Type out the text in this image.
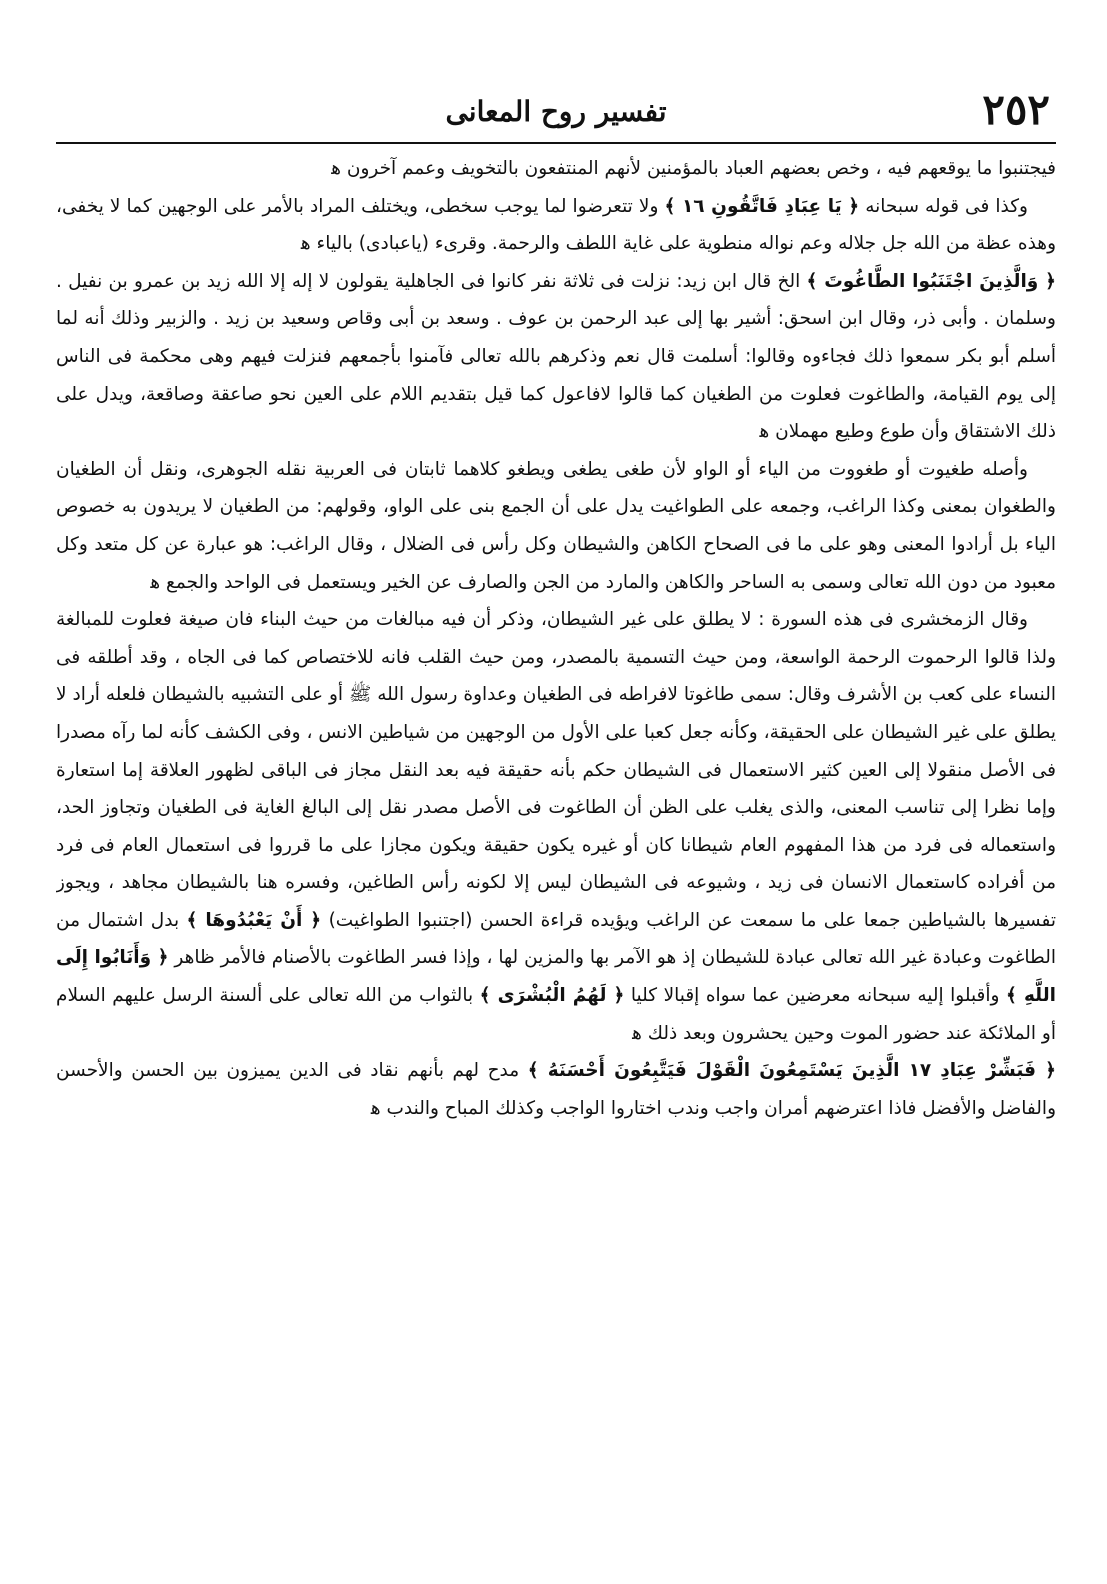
٢٥٢
تفسير روح المعانى

فيجتنبوا ما يوقعهم فيه ، وخص بعضهم العباد بالمؤمنين لأنهم المنتفعون بالتخويف وعمم آخرون ﻫ

وكذا فى قوله سبحانه ﴿ يَا عِبَادِ فَاتَّقُونِ ١٦ ﴾ ولا تتعرضوا لما يوجب سخطى، ويختلف المراد بالأمر على الوجهين كما لا يخفى، وهذه عظة من الله جل جلاله وعم نواله منطوية على غاية اللطف والرحمة. وقرىء (ياعبادى) بالياء ﻫ

﴿ وَالَّذِينَ اجْتَنَبُوا الطَّاغُوتَ ﴾ الخ قال ابن زيد: نزلت فى ثلاثة نفر كانوا فى الجاهلية يقولون لا إله إلا الله زيد بن عمرو بن نفيل . وسلمان . وأبى ذر، وقال ابن اسحق: أشير بها إلى عبد الرحمن بن عوف . وسعد بن أبى وقاص وسعيد بن زيد . والزبير وذلك أنه لما أسلم أبو بكر سمعوا ذلك فجاءوه وقالوا: أسلمت قال نعم وذكرهم بالله تعالى فآمنوا بأجمعهم فنزلت فيهم وهى محكمة فى الناس إلى يوم القيامة، والطاغوت فعلوت من الطغيان كما قالوا لافاعول كما قيل بتقديم اللام على العين نحو صاعقة وصاقعة، ويدل على ذلك الاشتقاق وأن طوع وطيع مهملان ﻫ

وأصله طغيوت أو طغووت من الياء أو الواو لأن طغى يطغى ويطغو كلاهما ثابتان فى العربية نقله الجوهرى، ونقل أن الطغيان والطغوان بمعنى وكذا الراغب، وجمعه على الطواغيت يدل على أن الجمع بنى على الواو، وقولهم: من الطغيان لا يريدون به خصوص الياء بل أرادوا المعنى وهو على ما فى الصحاح الكاهن والشيطان وكل رأس فى الضلال ، وقال الراغب: هو عبارة عن كل متعد وكل معبود من دون الله تعالى وسمى به الساحر والكاهن والمارد من الجن والصارف عن الخير ويستعمل فى الواحد والجمع ﻫ

وقال الزمخشرى فى هذه السورة : لا يطلق على غير الشيطان، وذكر أن فيه مبالغات من حيث البناء فان صيغة فعلوت للمبالغة ولذا قالوا الرحموت الرحمة الواسعة، ومن حيث التسمية بالمصدر، ومن حيث القلب فانه للاختصاص كما فى الجاه ، وقد أطلقه فى النساء على كعب بن الأشرف وقال: سمى طاغوتا لافراطه فى الطغيان وعداوة رسول الله ﷺ أو على التشبيه بالشيطان فلعله أراد لا يطلق على غير الشيطان على الحقيقة، وكأنه جعل كعبا على الأول من الوجهين من شياطين الانس ، وفى الكشف كأنه لما رآه مصدرا فى الأصل منقولا إلى العين كثير الاستعمال فى الشيطان حكم بأنه حقيقة فيه بعد النقل مجاز فى الباقى لظهور العلاقة إما استعارة وإما نظرا إلى تناسب المعنى، والذى يغلب على الظن أن الطاغوت فى الأصل مصدر نقل إلى البالغ الغاية فى الطغيان وتجاوز الحد، واستعماله فى فرد من هذا المفهوم العام شيطانا كان أو غيره يكون حقيقة ويكون مجازا على ما قرروا فى استعمال العام فى فرد من أفراده كاستعمال الانسان فى زيد ، وشيوعه فى الشيطان ليس إلا لكونه رأس الطاغين، وفسره هنا بالشيطان مجاهد ، ويجوز تفسيرها بالشياطين جمعا على ما سمعت عن الراغب ويؤيده قراءة الحسن (اجتنبوا الطواغيت) ﴿ أَنْ يَعْبُدُوهَا ﴾ بدل اشتمال من الطاغوت وعبادة غير الله تعالى عبادة للشيطان إذ هو الآمر بها والمزين لها ، وإذا فسر الطاغوت بالأصنام فالأمر ظاهر ﴿ وَأَنَابُوا إِلَى اللَّهِ ﴾ وأقبلوا إليه سبحانه معرضين عما سواه إقبالا كليا ﴿ لَهُمُ الْبُشْرَى ﴾ بالثواب من الله تعالى على ألسنة الرسل عليهم السلام أو الملائكة عند حضور الموت وحين يحشرون وبعد ذلك ﻫ

﴿ فَبَشِّرْ عِبَادِ ١٧ الَّذِينَ يَسْتَمِعُونَ الْقَوْلَ فَيَتَّبِعُونَ أَحْسَنَهُ ﴾ مدح لهم بأنهم نقاد فى الدين يميزون بين الحسن والأحسن والفاضل والأفضل فاذا اعترضهم أمران واجب وندب اختاروا الواجب وكذلك المباح والندب ﻫ
